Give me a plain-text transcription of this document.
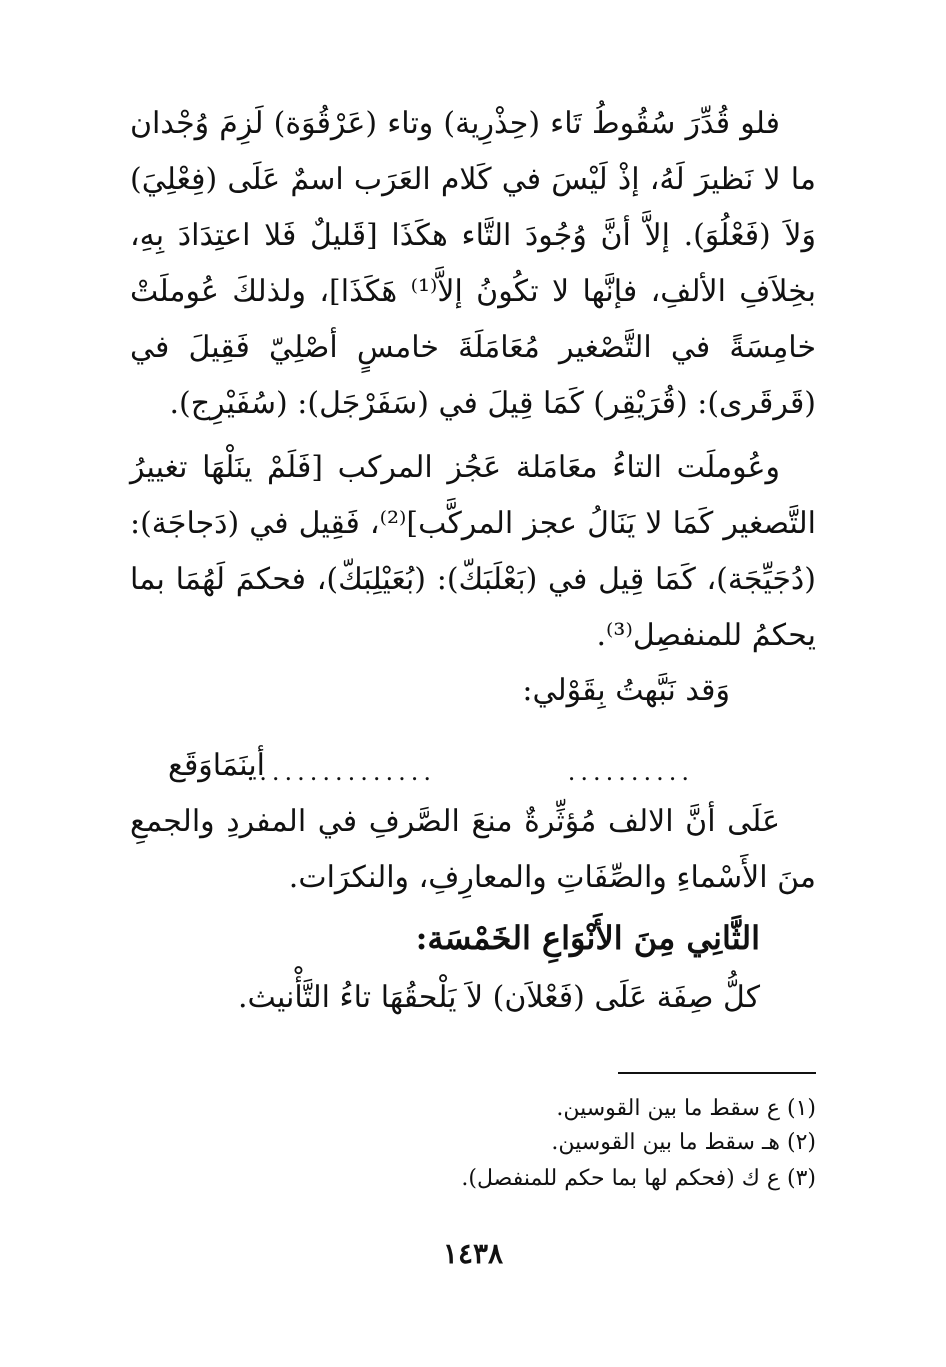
فلو قُدِّرَ سُقُوطُ تَاء (حِذْرِية) وتاء (عَرْقُوَة) لَزِمَ وُجْدان ما لا نَظيرَ لَهُ، إذْ لَيْسَ في كَلام العَرَب اسمٌ عَلَى (فِعْلِيَ) وَلاَ (فَعْلُوَ). إلاَّ أنَّ وُجُودَ التَّاء هكَذَا [قَليلٌ فَلا اعتِدَادَ بِهِ، بخِلاَفِ الألفِ، فإنَّها لا تكُونُ إلاَّ⁽¹⁾ هَكَذَا]، ولذلكَ عُوملَتْ خامِسَةً في التَّصْغير مُعَامَلَةَ خامسٍ أصْلِيّ فَقِيلَ في (قَرقَرى): (قُرَيْقِر) كَمَا قِيلَ في (سَفَرْجَل): (سُفَيْرِج).

وعُوملَت التاءُ معَامَلة عَجُز المركب [فَلَمْ ينَلْهَا تغييرُ التَّصغير كَمَا لا يَنَالُ عجز المركَّب]⁽²⁾، فَقِيل في (دَجاجَة): (دُجَيِّجَة)، كَمَا قِيل في (بَعْلَبَكّ): (بُعَيْلِبَكّ)، فحكمَ لَهُمَا بما يحكمُ للمنفصِل⁽³⁾.

وَقد نَبَّهتُ بِقَوْلي:

...............	..........
أينَمَاوَقَع

عَلَى أنَّ الالف مُؤثِّرةٌ منعَ الصَّرفِ في المفردِ والجمعِ منَ الأَسْماءِ والصِّفَاتِ والمعارِفِ، والنكرَات.

الثَّانِي مِنَ الأَنْوَاعِ الخَمْسَة:

كلُّ صِفَة عَلَى (فَعْلاَن) لاَ يَلْحقُهَا تاءُ التَّأْنيث.

(١) ع سقط ما بين القوسين.

(٢) هـ سقط ما بين القوسين.

(٣) ع ك (فحكم لها بما حكم للمنفصل).

١٤٣٨
